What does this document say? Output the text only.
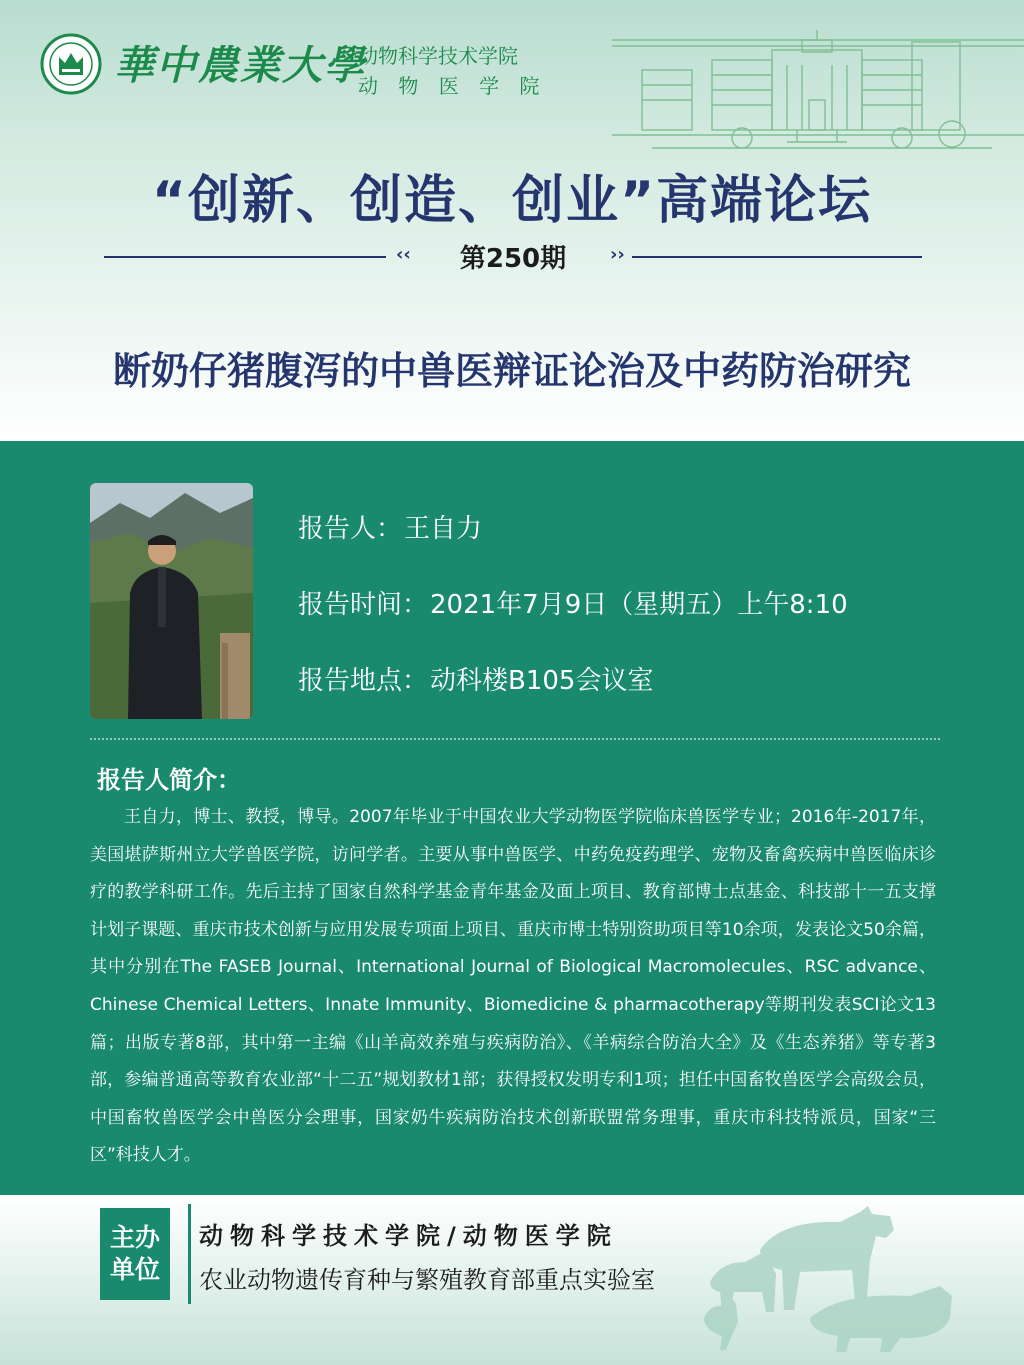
華中農業大學
动物科学技术学院
动 物 医 学 院
“创新、创造、创业”高端论坛
‹‹	第250期	››
断奶仔猪腹泻的中兽医辩证论治及中药防治研究
报告人：王自力
报告时间：2021年7月9日（星期五）上午8:10
报告地点：动科楼B105会议室
报告人简介：
王自力，博士、教授，博导。2007年毕业于中国农业大学动物医学院临床兽医学专业；2016年-2017年，美国堪萨斯州立大学兽医学院，访问学者。主要从事中兽医学、中药免疫药理学、宠物及畜禽疾病中兽医临床诊疗的教学科研工作。先后主持了国家自然科学基金青年基金及面上项目、教育部博士点基金、科技部十一五支撑计划子课题、重庆市技术创新与应用发展专项面上项目、重庆市博士特别资助项目等10余项，发表论文50余篇，其中分别在The FASEB Journal、International Journal of Biological Macromolecules、RSC advance、Chinese Chemical Letters、Innate Immunity、Biomedicine & pharmacotherapy等期刊发表SCI论文13篇；出版专著8部，其中第一主编《山羊高效养殖与疾病防治》、《羊病综合防治大全》及《生态养猪》等专著3部，参编普通高等教育农业部“十二五”规划教材1部；获得授权发明专利1项；担任中国畜牧兽医学会高级会员，中国畜牧兽医学会中兽医分会理事，国家奶牛疾病防治技术创新联盟常务理事，重庆市科技特派员，国家“三区”科技人才。
主办
单位
动物科学技术学院/动物医学院
农业动物遗传育种与繁殖教育部重点实验室
